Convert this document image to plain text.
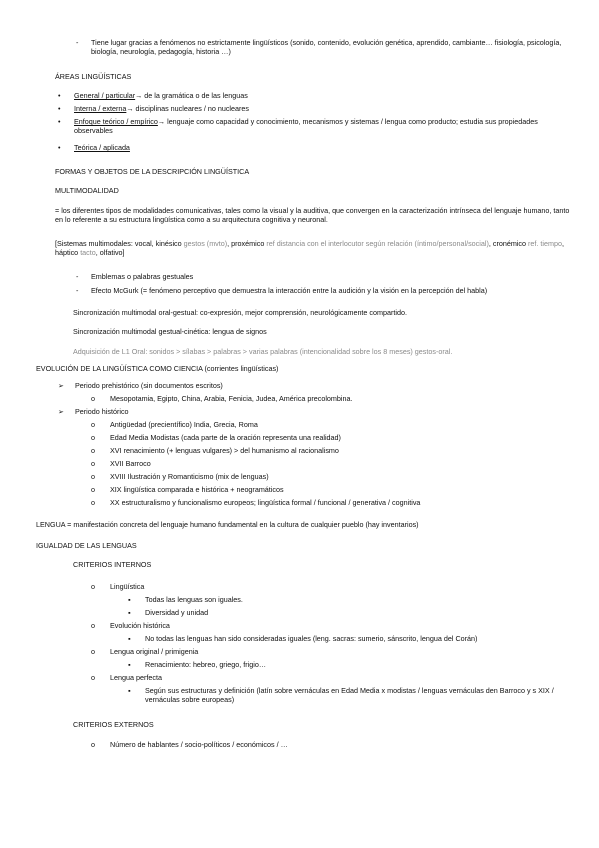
- Tiene lugar gracias a fenómenos no estrictamente lingüísticos (sonido, contenido, evolución genética, aprendido, cambiante… fisiología, psicología, biología, neurología, pedagogía, historia …)
ÁREAS LINGÜÍSTICAS
• General / particular→ de la gramática o de las lenguas
• Interna / externa→ disciplinas nucleares / no nucleares
• Enfoque teórico / empírico→ lenguaje como capacidad y conocimiento, mecanismos y sistemas / lengua como producto; estudia sus propiedades observables
• Teórica / aplicada
FORMAS Y OBJETOS DE LA DESCRIPCIÓN LINGÜÍSTICA
MULTIMODALIDAD
= los diferentes tipos de modalidades comunicativas, tales como la visual y la auditiva, que convergen en la caracterización intrínseca del lenguaje humano, tanto en lo referente a su estructura lingüística como a su arquitectura cognitiva y neuronal.
[Sistemas multimodales: vocal, kinésico gestos (mvto), proxémico ref distancia con el interlocutor según relación (íntimo/personal/social), cronémico ref. tiempo, háptico tacto, olfativo]
- Emblemas o palabras gestuales
- Efecto McGurk (= fenómeno perceptivo que demuestra la interacción entre la audición y la visión en la percepción del habla)
Sincronización multimodal oral-gestual: co-expresión, mejor comprensión, neurológicamente compartido.
Sincronización multimodal gestual-cinética: lengua de signos
Adquisición de L1 Oral: sonidos > sílabas > palabras > varias palabras (intencionalidad sobre los 8 meses) gestos-oral.
EVOLUCIÓN DE LA LINGÜÍSTICA COMO CIENCIA (corrientes lingüísticas)
➢ Periodo prehistórico (sin documentos escritos)
o Mesopotamia, Egipto, China, Arabia, Fenicia, Judea, América precolombina.
➢ Periodo histórico
o Antigüedad (precientífico) India, Grecia, Roma
o Edad Media Modistas (cada parte de la oración representa una realidad)
o XVI renacimiento (+ lenguas vulgares) > del humanismo al racionalismo
o XVII Barroco
o XVIII Ilustración y Romanticismo (mix de lenguas)
o XIX lingüística comparada e histórica + neogramáticos
o XX estructuralismo y funcionalismo europeos; lingüística formal / funcional / generativa / cognitiva
LENGUA = manifestación concreta del lenguaje humano fundamental en la cultura de cualquier pueblo (hay inventarios)
IGUALDAD DE LAS LENGUAS
CRITERIOS INTERNOS
o Lingüística
▪ Todas las lenguas son iguales.
▪ Diversidad y unidad
o Evolución histórica
▪ No todas las lenguas han sido consideradas iguales (leng. sacras: sumerio, sánscrito, lengua del Corán)
o Lengua original / primigenia
▪ Renacimiento: hebreo, griego, frigio…
o Lengua perfecta
▪ Según sus estructuras y definición (latín sobre vernáculas en Edad Media x modistas / lenguas vernáculas den Barroco y s XIX / vernáculas sobre europeas)
CRITERIOS EXTERNOS
o Número de hablantes / socio-políticos / económicos / …
